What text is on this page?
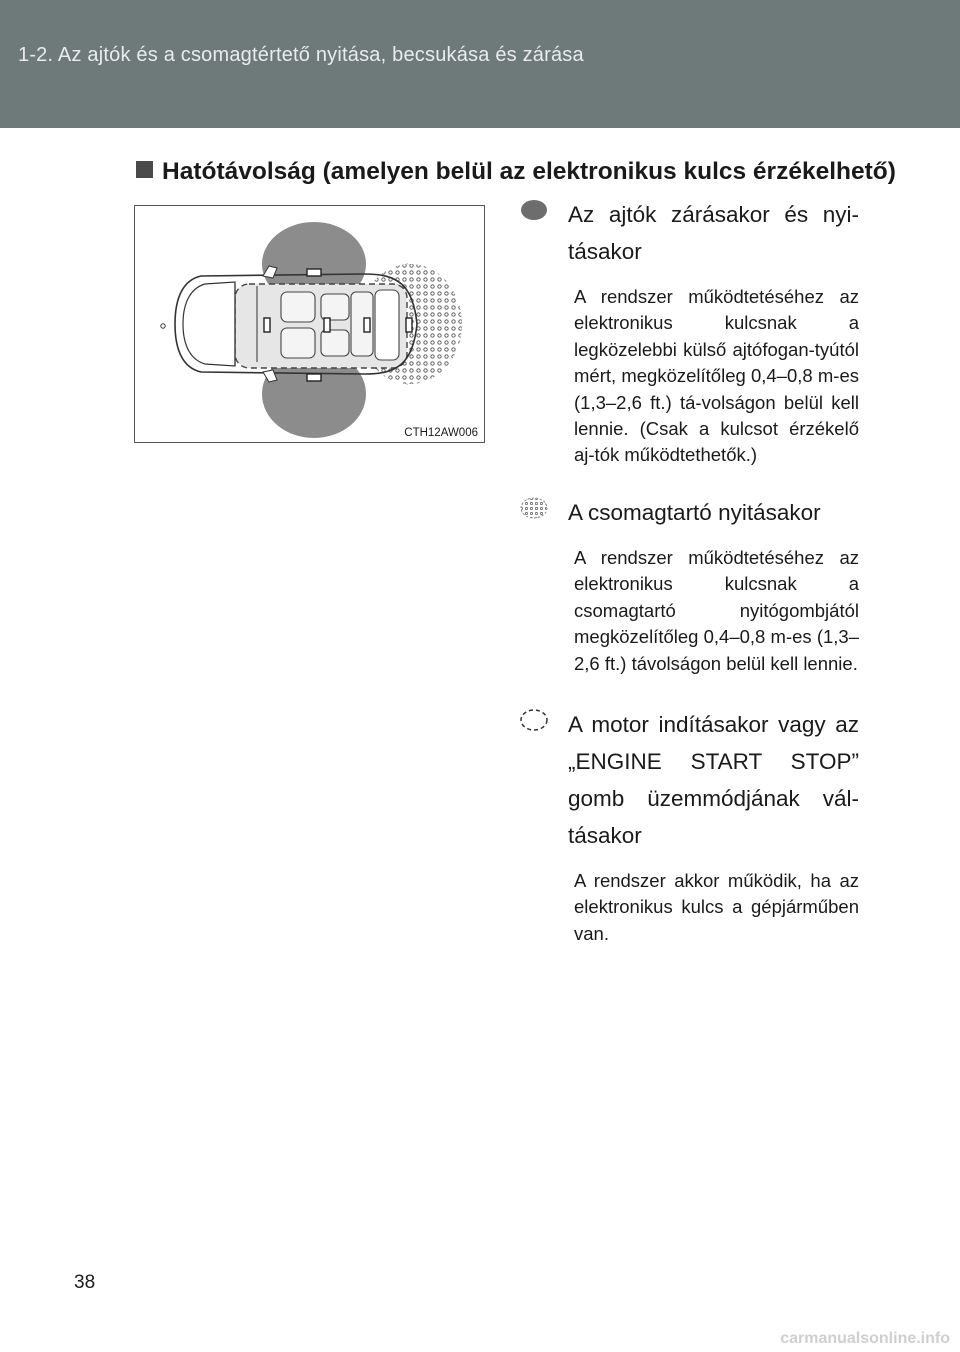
1-2. Az ajtók és a csomagtértető nyitása, becsukása és zárása
Hatótávolság (amelyen belül az elektronikus kulcs érzékelhető)
CTH12AW006
Az ajtók zárásakor és nyi-tásakor
A rendszer működtetéséhez az elektronikus kulcsnak a legközelebbi külső ajtófogan-tyútól mért, megközelítőleg 0,4–0,8 m-es (1,3–2,6 ft.) tá-volságon belül kell lennie. (Csak a kulcsot érzékelő aj-tók működtethetők.)
A csomagtartó nyitásakor
A rendszer működtetéséhez az elektronikus kulcsnak a csomagtartó nyitógombjától megközelítőleg 0,4–0,8 m-es (1,3–2,6 ft.) távolságon belül kell lennie.
A motor indításakor vagy az „ENGINE START STOP” gomb üzemmódjának vál-tásakor
A rendszer akkor működik, ha az elektronikus kulcs a gépjárműben van.
38
carmanualsonline.info
